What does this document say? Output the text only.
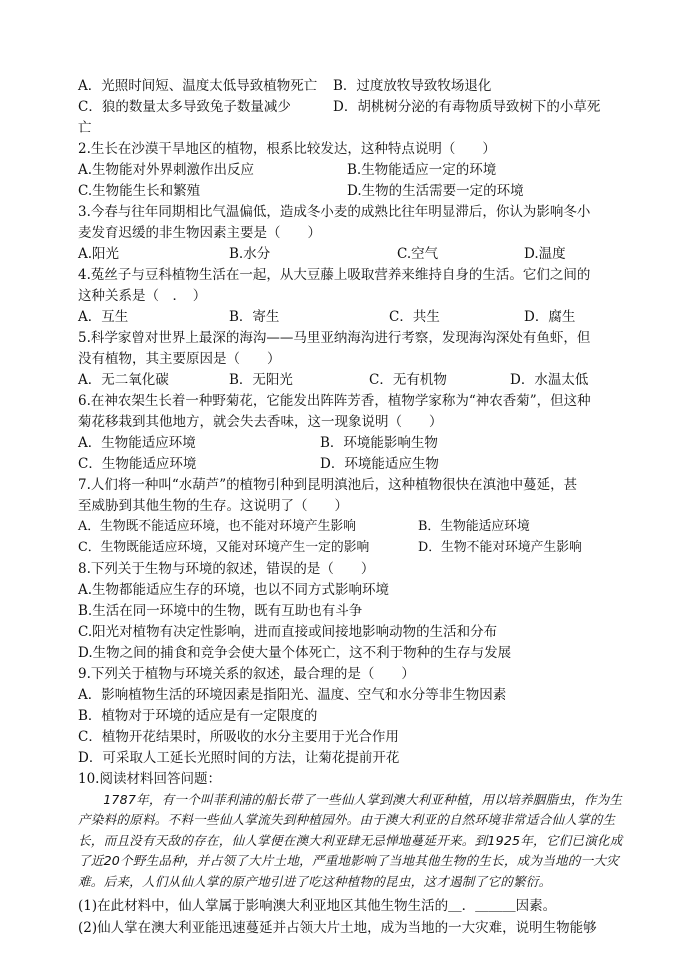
A．光照时间短、温度太低导致植物死亡 B．过度放牧导致牧场退化
C．狼的数量太多导致兔子数量减少	D．胡桃树分泌的有毒物质导致树下的小草死
亡
2.生长在沙漠干旱地区的植物，根系比较发达，这种特点说明（　　）
A.生物能对外界刺激作出反应	B.生物能适应一定的环境
C.生物能生长和繁殖	D.生物的生活需要一定的环境
3.今春与往年同期相比气温偏低，造成冬小麦的成熟比往年明显滞后，你认为影响冬小
麦发育迟缓的非生物因素主要是（　　）
A.阳光	B.水分	C.空气	D.温度
4.菟丝子与豆科植物生活在一起，从大豆藤上吸取营养来维持自身的生活。它们之间的
这种关系是（　．　）
A．互生	B．寄生	C．共生	D．腐生
5.科学家曾对世界上最深的海沟——马里亚纳海沟进行考察，发现海沟深处有鱼虾，但
没有植物，其主要原因是（　　）
A．无二氧化碳	B．无阳光	C．无有机物	D．水温太低
6.在神农架生长着一种野菊花，它能发出阵阵芳香，植物学家称为“神农香菊”，但这种
菊花移栽到其他地方，就会失去香味，这一现象说明（　　）
A．生物能适应环境	B．环境能影响生物
C．生物能适应环境	D．环境能适应生物
7.人们将一种叫“水葫芦”的植物引种到昆明滇池后，这种植物很快在滇池中蔓延，甚
至威胁到其他生物的生存。这说明了（　　）
A．生物既不能适应环境，也不能对环境产生影响	B．生物能适应环境
C．生物既能适应环境，又能对环境产生一定的影响	D．生物不能对环境产生影响
8.下列关于生物与环境的叙述，错误的是（　　）
A.生物都能适应生存的环境，也以不同方式影响环境
B.生活在同一环境中的生物，既有互助也有斗争
C.阳光对植物有决定性影响，进而直接或间接地影响动物的生活和分布
D.生物之间的捕食和竞争会使大量个体死亡，这不利于物种的生存与发展
9.下列关于植物与环境关系的叙述，最合理的是（　　）
A．影响植物生活的环境因素是指阳光、温度、空气和水分等非生物因素
B．植物对于环境的适应是有一定限度的
C．植物开花结果时，所吸收的水分主要用于光合作用
D．可采取人工延长光照时间的方法，让菊花提前开花
10.阅读材料回答问题：

1787年，有一个叫菲利浦的船长带了一些仙人掌到澳大利亚种植，用以培养胭脂虫，作为生产染料的原料。不料一些仙人掌流失到种植园外。由于澳大利亚的自然环境非常适合仙人掌的生长，而且没有天敌的存在，仙人掌便在澳大利亚肆无忌惮地蔓延开来。到1925年，它们已演化成了近20个野生品种，并占领了大片土地，严重地影响了当地其他生物的生长，成为当地的一大灾难。后来，人们从仙人掌的原产地引进了吃这种植物的昆虫，这才遏制了它的繁衍。

(1)在此材料中，仙人掌属于影响澳大利亚地区其他生物生活的＿．＿＿＿因素。
(2)仙人掌在澳大利亚能迅速蔓延并占领大片土地，成为当地的一大灾难，说明生物能够
